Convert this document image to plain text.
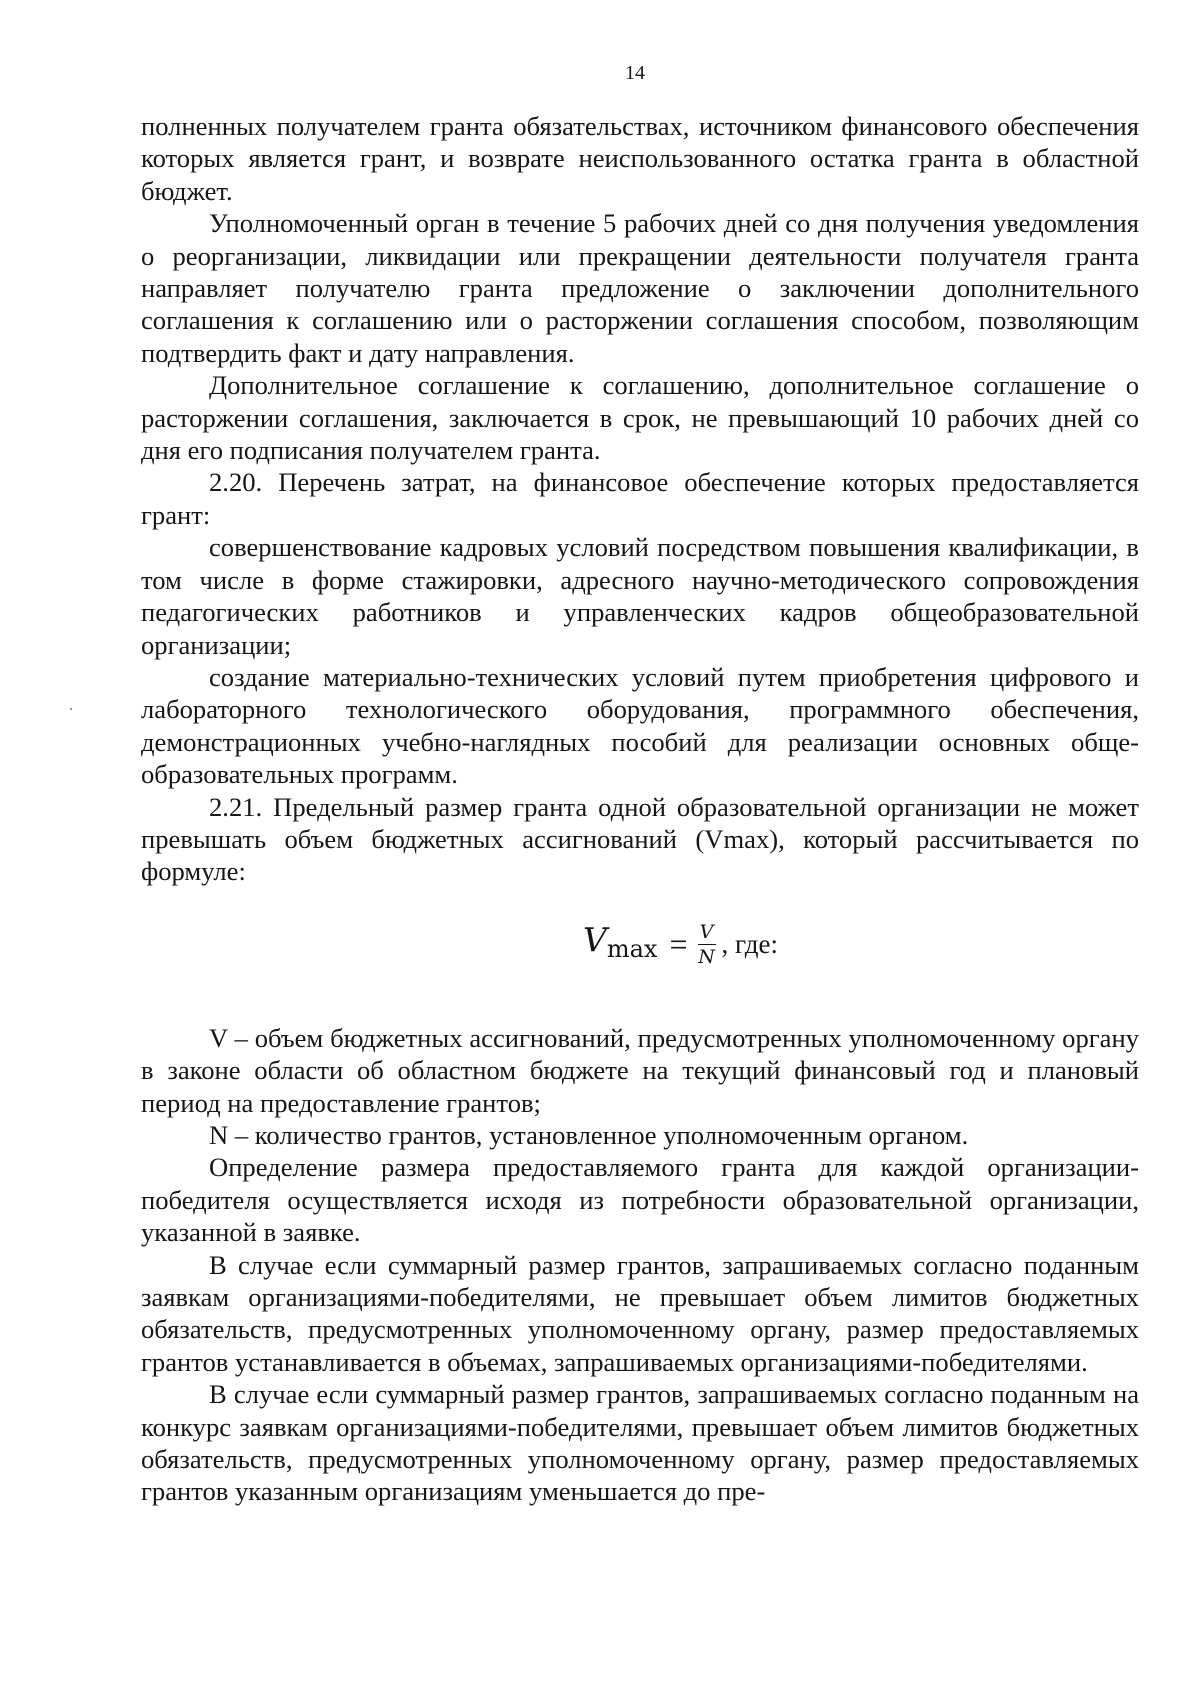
14

полненных получателем гранта обязательствах, источником финансового обеспечения которых является грант, и возврате неиспользованного остатка гранта в областной бюджет.

Уполномоченный орган в течение 5 рабочих дней со дня получения уведомления о реорганизации, ликвидации или прекращении деятельности получателя гранта направляет получателю гранта предложение о заключении дополнительного соглашения к соглашению или о расторжении соглашения способом, позволяющим подтвердить факт и дату направления.

Дополнительное соглашение к соглашению, дополнительное соглашение о расторжении соглашения, заключается в срок, не превышающий 10 рабочих дней со дня его подписания получателем гранта.

2.20. Перечень затрат, на финансовое обеспечение которых предоставляется грант:

совершенствование кадровых условий посредством повышения квалификации, в том числе в форме стажировки, адресного научно-методического сопровождения педагогических работников и управленческих кадров общеобразовательной организации;

создание материально-технических условий путем приобретения цифрового и лабораторного технологического оборудования, программного обеспечения, демонстрационных учебно-наглядных пособий для реализации основных общеобразовательных программ.

2.21. Предельный размер гранта одной образовательной организации не может превышать объем бюджетных ассигнований (Vmax), который рассчитывается по формуле:

$V_{max} = \frac{V}{N}$ , где:

V – объем бюджетных ассигнований, предусмотренных уполномоченному органу в законе области об областном бюджете на текущий финансовый год и плановый период на предоставление грантов;

N – количество грантов, установленное уполномоченным органом.

Определение размера предоставляемого гранта для каждой организации-победителя осуществляется исходя из потребности образовательной организации, указанной в заявке.

В случае если суммарный размер грантов, запрашиваемых согласно поданным заявкам организациями-победителями, не превышает объем лимитов бюджетных обязательств, предусмотренных уполномоченному органу, размер предоставляемых грантов устанавливается в объемах, запрашиваемых организациями-победителями.

В случае если суммарный размер грантов, запрашиваемых согласно поданным на конкурс заявкам организациями-победителями, превышает объем лимитов бюджетных обязательств, предусмотренных уполномоченному органу, размер предоставляемых грантов указанным организациям уменьшается до пре-
